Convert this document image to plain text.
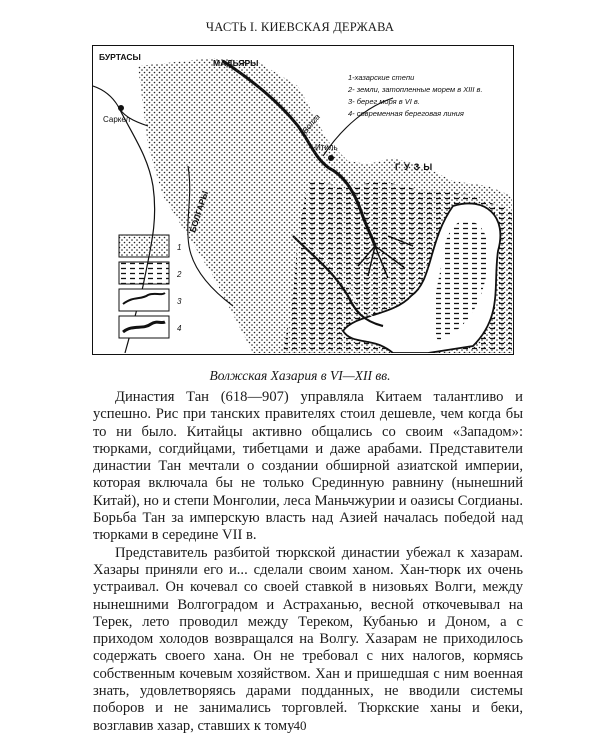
ЧАСТЬ I. КИЕВСКАЯ ДЕРЖАВА
БУРТАСЫ
МАДЬЯРЫ
Саркел	Волга
Итиль
ГУЗЫ
БОЛГАРЫ
1-хазарские степи
2- земли, затопленные морем в XIII в.
3- берег моря в VI в.
4- современная береговая линия
1
2
3
4
Волжская Хазария в VI—XII вв.

Династия Тан (618—907) управляла Китаем талантливо и успешно. Рис при танских правителях стоил дешевле, чем когда бы то ни было. Китайцы активно общались со своим «Западом»: тюрками, согдийцами, тибетцами и даже арабами. Представители династии Тан мечтали о создании обширной азиатской империи, которая включала бы не только Срединную равнину (нынешний Китай), но и степи Монголии, леса Маньчжурии и оазисы Согдианы. Борьба Тан за имперскую власть над Азией началась победой над тюрками в середине VII в.

Представитель разбитой тюркской династии убежал к хазарам. Хазары приняли его и... сделали своим ханом. Хан-тюрк их очень устраивал. Он кочевал со своей ставкой в низовьях Волги, между нынешними Волгоградом и Астраханью, весной откочевывал на Терек, лето проводил между Тереком, Кубанью и Доном, а с приходом холодов возвращался на Волгу. Хазарам не приходилось содержать своего хана. Он не требовал с них налогов, кормясь собственным кочевым хозяйством. Хан и пришедшая с ним военная знать, удовлетворяясь дарами подданных, не вводили системы поборов и не занимались торговлей. Тюркские ханы и беки, возглавив хазар, ставших к тому 40
